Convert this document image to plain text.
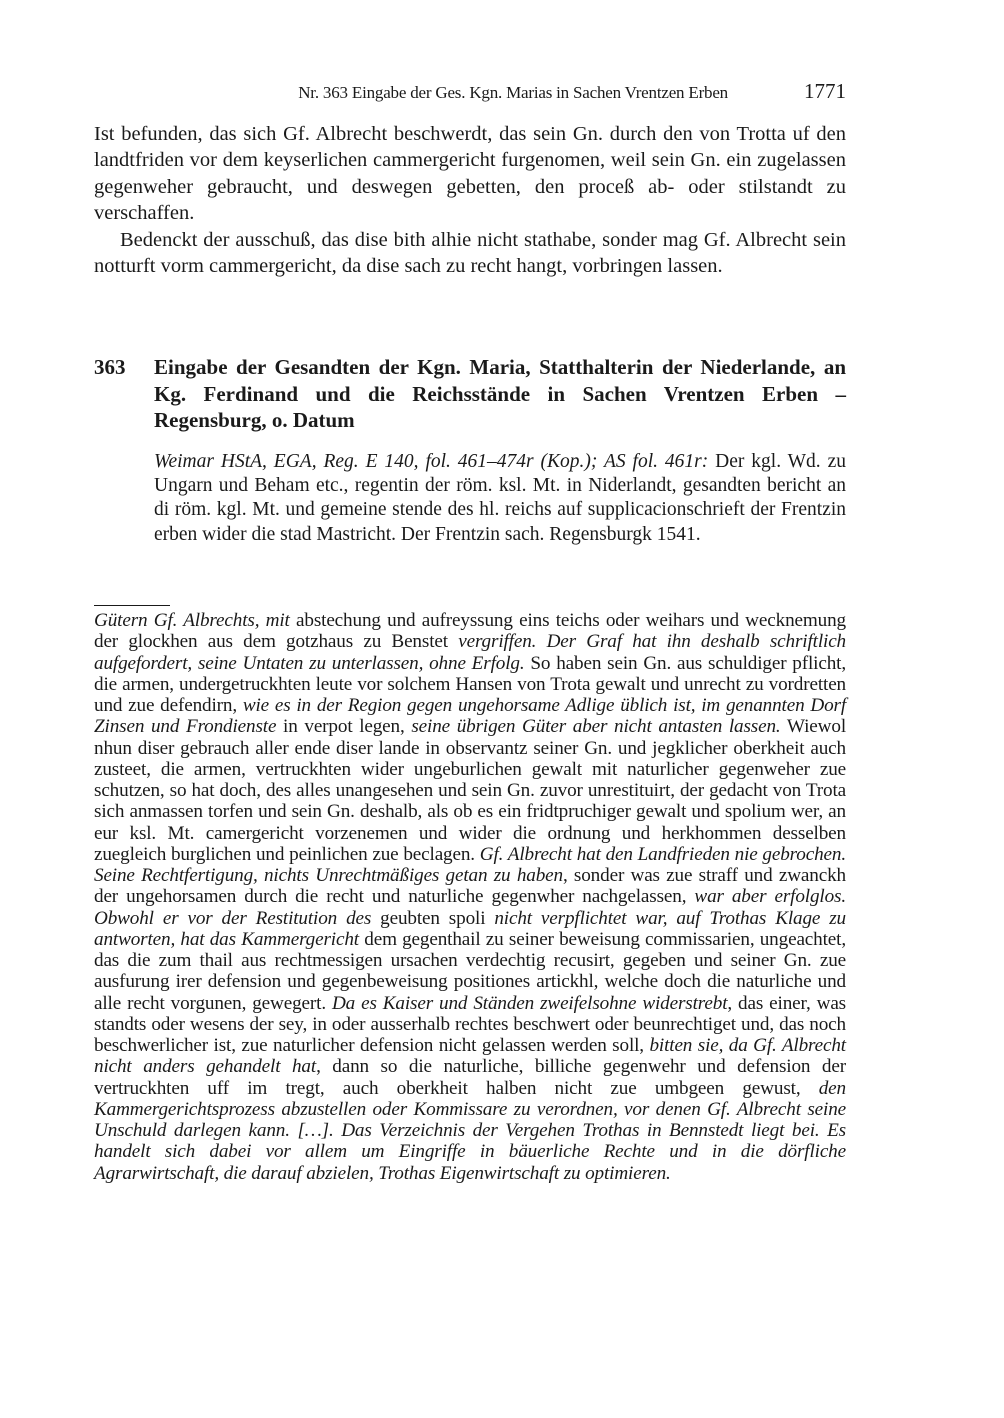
Nr. 363 Eingabe der Ges. Kgn. Marias in Sachen Vrentzen Erben	1771

Ist befunden, das sich Gf. Albrecht beschwerdt, das sein Gn. durch den von Trotta uf den landtfriden vor dem keyserlichen cammergericht furgenomen, weil sein Gn. ein zugelassen gegenweher gebraucht, und deswegen gebetten, den proceß ab- oder stilstandt zu verschaffen.

Bedenckt der ausschuß, das dise bith alhie nicht stathabe, sonder mag Gf. Albrecht sein notturft vorm cammergericht, da dise sach zu recht hangt, vorbringen lassen.

363 Eingabe der Gesandten der Kgn. Maria, Statthalterin der Niederlande, an Kg. Ferdinand und die Reichsstände in Sachen Vrentzen Erben – Regensburg, o. Datum
Weimar HStA, EGA, Reg. E 140, fol. 461–474r (Kop.); AS fol. 461r: Der kgl. Wd. zu Ungarn und Beham etc., regentin der röm. ksl. Mt. in Niderlandt, gesandten bericht an di röm. kgl. Mt. und gemeine stende des hl. reichs auf supplicacionschrieft der Frentzin erben wider die stad Mastricht. Der Frentzin sach. Regensburgk 1541.
Gütern Gf. Albrechts, mit abstechung und aufreyssung eins teichs oder weihars und wecknemung der glockhen aus dem gotzhaus zu Benstet vergriffen. Der Graf hat ihn deshalb schriftlich aufgefordert, seine Untaten zu unterlassen, ohne Erfolg. So haben sein Gn. aus schuldiger pflicht, die armen, undergetruckhten leute vor solchem Hansen von Trota gewalt und unrecht zu vordretten und zue defendirn, wie es in der Region gegen ungehorsame Adlige üblich ist, im genannten Dorf Zinsen und Frondienste in verpot legen, seine übrigen Güter aber nicht antasten lassen. Wiewol nhun diser gebrauch aller ende diser lande in observantz seiner Gn. und jegklicher oberkheit auch zusteet, die armen, vertruckhten wider ungeburlichen gewalt mit naturlicher gegenweher zue schutzen, so hat doch, des alles unangesehen und sein Gn. zuvor unrestituirt, der gedacht von Trota sich anmassen torfen und sein Gn. deshalb, als ob es ein fridtpruchiger gewalt und spolium wer, an eur ksl. Mt. camergericht vorzenemen und wider die ordnung und herkhommen desselben zuegleich burglichen und peinlichen zue beclagen. Gf. Albrecht hat den Landfrieden nie gebrochen. Seine Rechtfertigung, nichts Unrechtmäßiges getan zu haben, sonder was zue straff und zwanckh der ungehorsamen durch die recht und naturliche gegenwher nachgelassen, war aber erfolglos. Obwohl er vor der Restitution des geubten spoli nicht verpflichtet war, auf Trothas Klage zu antworten, hat das Kammergericht dem gegenthail zu seiner beweisung commissarien, ungeachtet, das die zum thail aus rechtmessigen ursachen verdechtig recusirt, gegeben und seiner Gn. zue ausfurung irer defension und gegenbeweisung positiones artickhl, welche doch die naturliche und alle recht vorgunen, gewegert. Da es Kaiser und Ständen zweifelsohne widerstrebt, das einer, was standts oder wesens der sey, in oder ausserhalb rechtes beschwert oder beunrechtiget und, das noch beschwerlicher ist, zue naturlicher defension nicht gelassen werden soll, bitten sie, da Gf. Albrecht nicht anders gehandelt hat, dann so die naturliche, billiche gegenwehr und defension der vertruckhten uff im tregt, auch oberkheit halben nicht zue umbgeen gewust, den Kammergerichtsprozess abzustellen oder Kommissare zu verordnen, vor denen Gf. Albrecht seine Unschuld darlegen kann. […]. Das Verzeichnis der Vergehen Trothas in Bennstedt liegt bei. Es handelt sich dabei vor allem um Eingriffe in bäuerliche Rechte und in die dörfliche Agrarwirtschaft, die darauf abzielen, Trothas Eigenwirtschaft zu optimieren.
